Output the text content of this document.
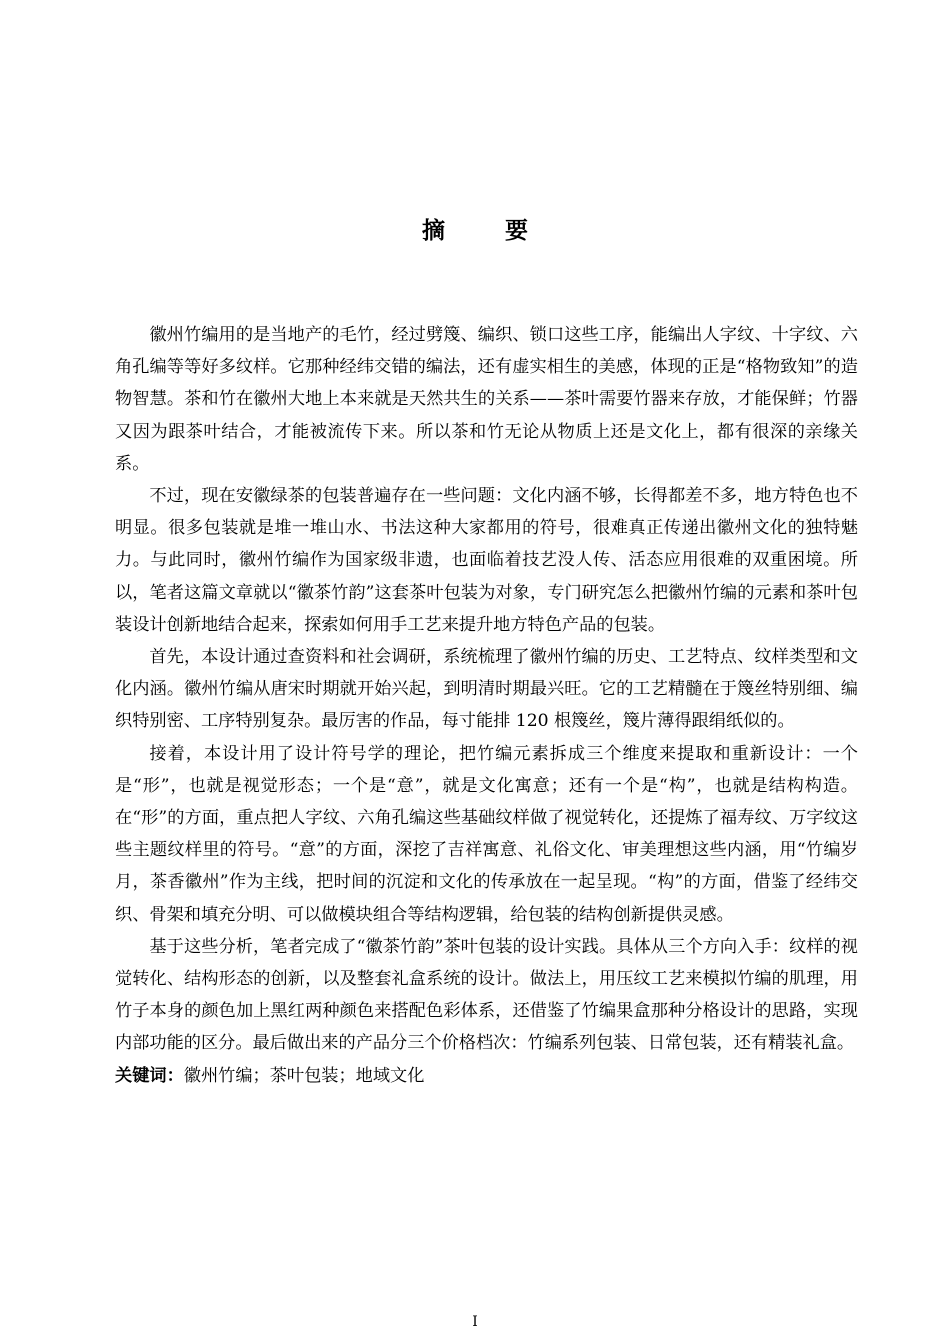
摘 要

徽州竹编用的是当地产的毛竹，经过劈篾、编织、锁口这些工序，能编出人字纹、十字纹、六角孔编等等好多纹样。它那种经纬交错的编法，还有虚实相生的美感，体现的正是“格物致知”的造物智慧。茶和竹在徽州大地上本来就是天然共生的关系——茶叶需要竹器来存放，才能保鲜；竹器又因为跟茶叶结合，才能被流传下来。所以茶和竹无论从物质上还是文化上，都有很深的亲缘关系。

不过，现在安徽绿茶的包装普遍存在一些问题：文化内涵不够，长得都差不多，地方特色也不明显。很多包装就是堆一堆山水、书法这种大家都用的符号，很难真正传递出徽州文化的独特魅力。与此同时，徽州竹编作为国家级非遗，也面临着技艺没人传、活态应用很难的双重困境。所以，笔者这篇文章就以“徽茶竹韵”这套茶叶包装为对象，专门研究怎么把徽州竹编的元素和茶叶包装设计创新地结合起来，探索如何用手工艺来提升地方特色产品的包装。

首先，本设计通过查资料和社会调研，系统梳理了徽州竹编的历史、工艺特点、纹样类型和文化内涵。徽州竹编从唐宋时期就开始兴起，到明清时期最兴旺。它的工艺精髓在于篾丝特别细、编织特别密、工序特别复杂。最厉害的作品，每寸能排 120 根篾丝，篾片薄得跟绢纸似的。

接着，本设计用了设计符号学的理论，把竹编元素拆成三个维度来提取和重新设计：一个是“形”，也就是视觉形态；一个是“意”，就是文化寓意；还有一个是“构”，也就是结构构造。在“形”的方面，重点把人字纹、六角孔编这些基础纹样做了视觉转化，还提炼了福寿纹、万字纹这些主题纹样里的符号。“意”的方面，深挖了吉祥寓意、礼俗文化、审美理想这些内涵，用“竹编岁月，茶香徽州”作为主线，把时间的沉淀和文化的传承放在一起呈现。“构”的方面，借鉴了经纬交织、骨架和填充分明、可以做模块组合等结构逻辑，给包装的结构创新提供灵感。

基于这些分析，笔者完成了“徽茶竹韵”茶叶包装的设计实践。具体从三个方向入手：纹样的视觉转化、结构形态的创新，以及整套礼盒系统的设计。做法上，用压纹工艺来模拟竹编的肌理，用竹子本身的颜色加上黑红两种颜色来搭配色彩体系，还借鉴了竹编果盒那种分格设计的思路，实现内部功能的区分。最后做出来的产品分三个价格档次：竹编系列包装、日常包装，还有精装礼盒。

关键词：徽州竹编；茶叶包装；地域文化

I
